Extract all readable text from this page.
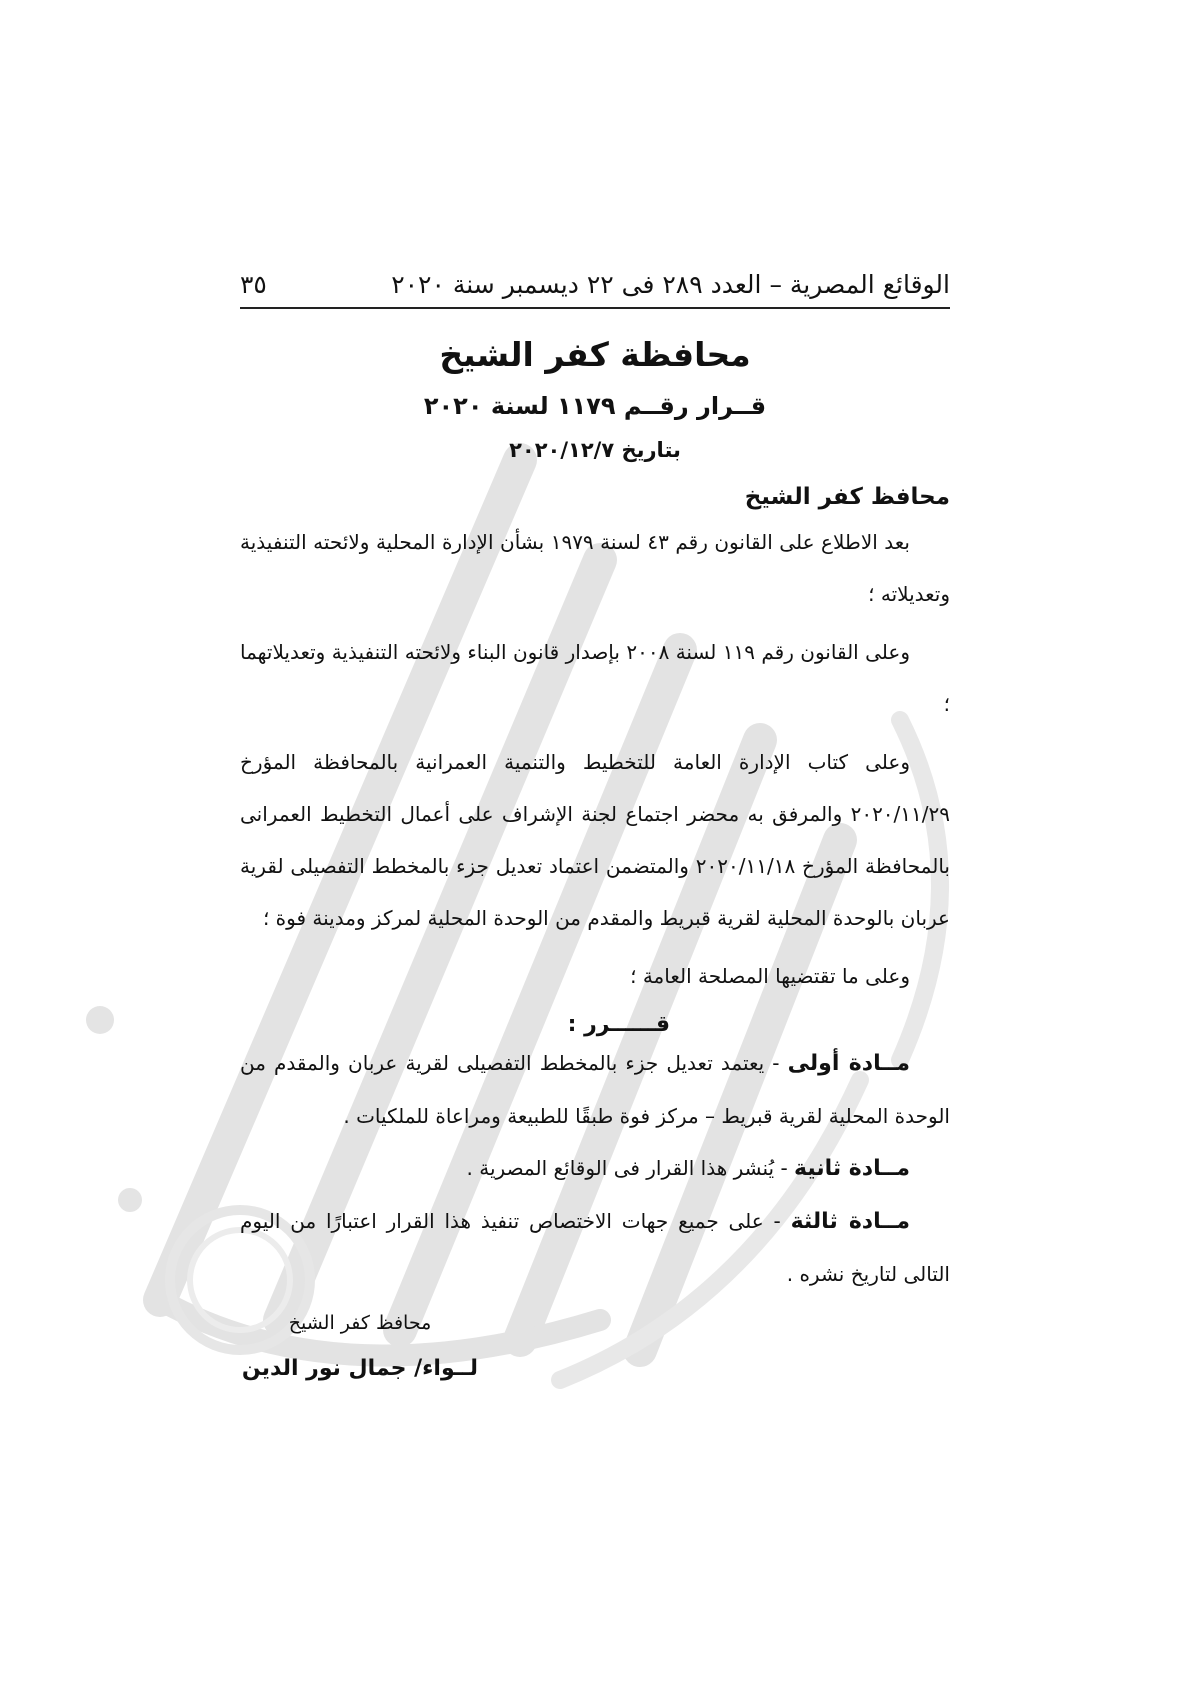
الوقائع المصرية – العدد ٢٨٩ فى ٢٢ ديسمبر سنة ٢٠٢٠
٣٥
محافظة كفر الشيخ
قــرار رقــم ١١٧٩ لسنة ٢٠٢٠
بتاريخ ٢٠٢٠/١٢/٧
محافظ كفر الشيخ
بعد الاطلاع على القانون رقم ٤٣ لسنة ١٩٧٩ بشأن الإدارة المحلية ولائحته التنفيذية وتعديلاته ؛
وعلى القانون رقم ١١٩ لسنة ٢٠٠٨ بإصدار قانون البناء ولائحته التنفيذية وتعديلاتهما ؛
وعلى كتاب الإدارة العامة للتخطيط والتنمية العمرانية بالمحافظة المؤرخ ٢٠٢٠/١١/٢٩ والمرفق به محضر اجتماع لجنة الإشراف على أعمال التخطيط العمرانى بالمحافظة المؤرخ ٢٠٢٠/١١/١٨ والمتضمن اعتماد تعديل جزء بالمخطط التفصيلى لقرية عربان بالوحدة المحلية لقرية قبريط والمقدم من الوحدة المحلية لمركز ومدينة فوة ؛
وعلى ما تقتضيها المصلحة العامة ؛
قــــــرر :
مــادة أولى - يعتمد تعديل جزء بالمخطط التفصيلى لقرية عربان والمقدم من الوحدة المحلية لقرية قبريط – مركز فوة طبقًا للطبيعة ومراعاة للملكيات .
مــادة ثانية - يُنشر هذا القرار فى الوقائع المصرية .
مــادة ثالثة - على جميع جهات الاختصاص تنفيذ هذا القرار اعتبارًا من اليوم التالى لتاريخ نشره .
محافظ كفر الشيخ
لــواء/ جمال نور الدين
